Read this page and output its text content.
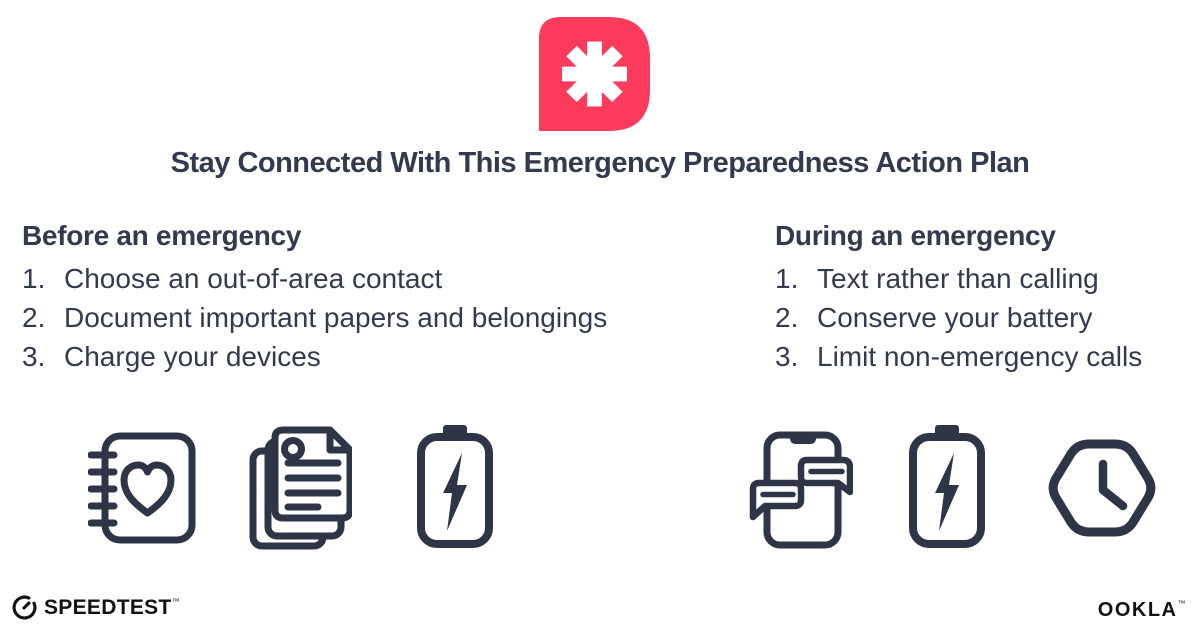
Stay Connected With This Emergency Preparedness Action Plan
Before an emergency
Choose an out-of-area contact
Document important papers and belongings
Charge your devices
During an emergency
Text rather than calling
Conserve your battery
Limit non-emergency calls
SPEEDTEST™	OOKLA™
